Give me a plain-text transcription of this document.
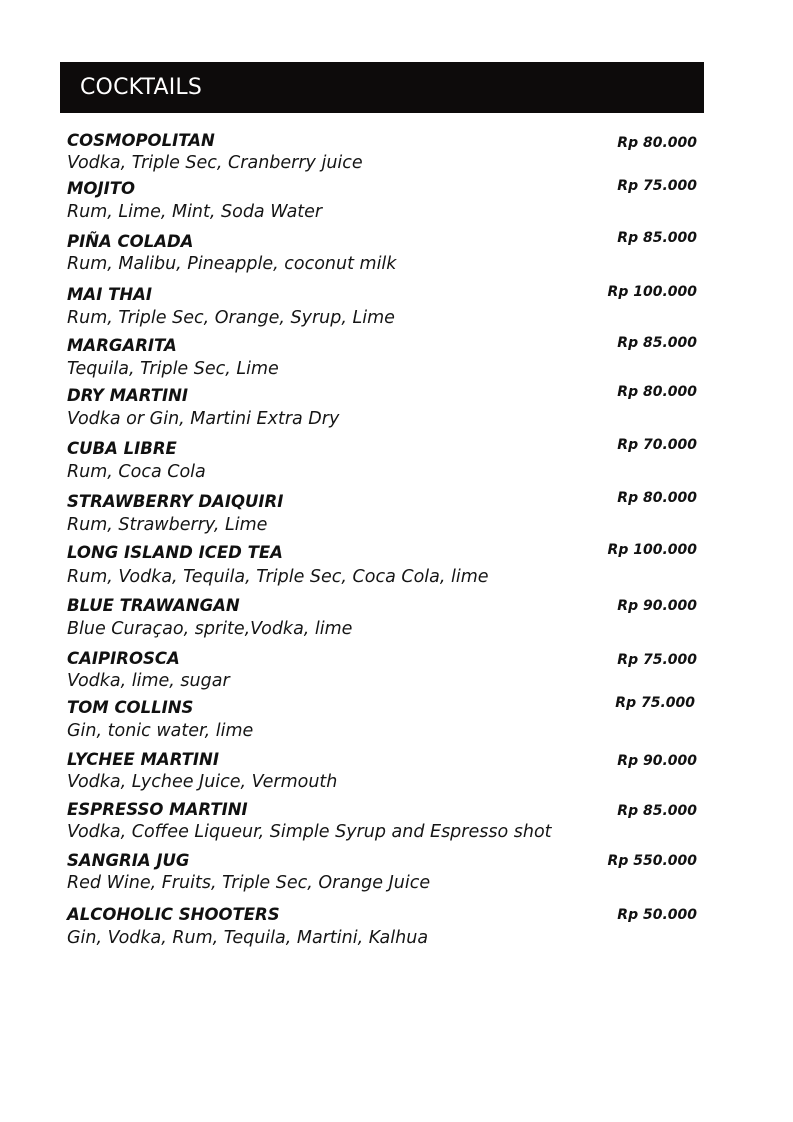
COCKTAILS
COSMOPOLITAN
Vodka, Triple Sec, Cranberry juice
Rp 80.000
MOJITO
Rum, Lime, Mint, Soda Water
Rp 75.000
PIÑA COLADA
Rum, Malibu, Pineapple, coconut milk
Rp 85.000
MAI THAI
Rum, Triple Sec, Orange, Syrup, Lime
Rp 100.000
MARGARITA
Tequila, Triple Sec, Lime
Rp 85.000
DRY MARTINI
Vodka or Gin, Martini Extra Dry
Rp 80.000
CUBA LIBRE
Rum, Coca Cola
Rp 70.000
STRAWBERRY DAIQUIRI
Rum, Strawberry, Lime
Rp 80.000
LONG ISLAND ICED TEA
Rum, Vodka, Tequila, Triple Sec, Coca Cola, lime
Rp 100.000
BLUE TRAWANGAN
Blue Curaçao, sprite,Vodka, lime
Rp 90.000
CAIPIROSCA
Vodka, lime, sugar
Rp 75.000
TOM COLLINS
Gin, tonic water, lime
Rp 75.000
LYCHEE MARTINI
Vodka, Lychee Juice, Vermouth
Rp 90.000
ESPRESSO MARTINI
Vodka, Coffee Liqueur, Simple Syrup and Espresso shot
Rp 85.000
SANGRIA JUG
Red Wine, Fruits, Triple Sec, Orange Juice
Rp 550.000
ALCOHOLIC SHOOTERS
Gin, Vodka, Rum, Tequila, Martini, Kalhua
Rp 50.000
